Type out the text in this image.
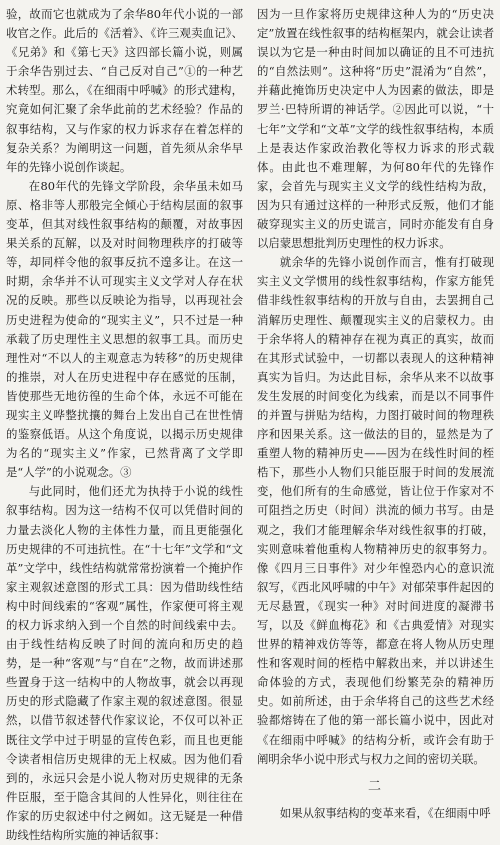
验，故而它也就成为了余华80年代小说的一部收官之作。此后的《活着》、《许三观卖血记》、《兄弟》和《第七天》这四部长篇小说，则属于余华告别过去、“自己反对自己”①的一种艺术转型。那么，《在细雨中呼喊》的形式建构，究竟如何汇聚了余华此前的艺术经验？作品的叙事结构，又与作家的权力诉求存在着怎样的复杂关系？为阐明这一问题，首先须从余华早年的先锋小说创作谈起。

在80年代的先锋文学阶段，余华虽未如马原、格非等人那般完全倾心于结构层面的叙事变革，但其对线性叙事结构的颠覆，对故事因果关系的瓦解，以及对时间物理秩序的打破等等，却同样令他的叙事反抗不遑多让。在这一时期，余华并不认可现实主义文学对人存在状况的反映。那些以反映论为指导，以再现社会历史进程为使命的“现实主义”，只不过是一种承载了历史理性主义思想的叙事工具。而历史理性对“不以人的主观意志为转移”的历史规律的推崇，对人在历史进程中存在感觉的压制，皆使那些无地彷徨的生命个体，永远不可能在现实主义哗整扰攘的舞台上发出自己在世性情的鉴察低语。从这个角度说，以揭示历史规律为名的“现实主义”作家，已然背离了文学即是“人学”的小说观念。③

与此同时，他们还尤为执持于小说的线性叙事结构。因为这一结构不仅可以凭借时间的力量去淡化人物的主体性力量，而且更能强化历史规律的不可违抗性。在“十七年”文学和“文革”文学中，线性结构就常常扮演着一个掩护作家主观叙述意图的形式工具：因为借助线性结构中时间线索的“客观”属性，作家便可将主观的权力诉求纳入到一个自然的时间线索中去。由于线性结构反映了时间的流向和历史的趋势，是一种“客观”与“自在”之物，故而讲述那些置身于这一结构中的人物故事，就会以再现历史的形式隐藏了作家主观的叙述意图。很显然，以借节叙述替代作家议论，不仅可以补正既往文学中过于明显的宣传色彩，而且也更能令读者相信历史规律的无上权威。因为他们看到的，永远只会是小说人物对历史规律的无条件臣服，至于隐含其间的人性异化，则往往在作家的历史叙述中付之阙如。这无疑是一种借助线性结构所实施的神话叙事：

因为一旦作家将历史规律这种人为的“历史决定”放置在线性叙事的结构框架内，就会让读者误以为它是一种由时间加以确证的且不可违抗的“自然法则”。这种将“历史”混淆为“自然”，并藉此掩饰历史决定中人为因素的做法，即是罗兰·巴特所谓的神话学。②因此可以说，“十七年”文学和“文革”文学的线性叙事结构，本质上是表达作家政治教化等权力诉求的形式载体。由此也不难理解，为何80年代的先锋作家，会首先与现实主义文学的线性结构为敌，因为只有通过这样的一种形式反叛，他们才能破穿现实主义的历史谎言，同时亦能发有自身以启蒙思想批判历史理性的权力诉求。

就余华的先锋小说创作而言，惟有打破现实主义文学惯用的线性叙事结构，作家方能凭借非线性叙事结构的开放与自由，去罢拥自己消解历史理性、颠覆现实主义的启蒙权力。由于余华将人的精神存在视为真正的真实，故而在其形式试验中，一切都以表现人的这种精神真实为旨归。为达此目标，余华从来不以故事发生发展的时间变化为线索，而是以不同事件的并置与拼贴为结构，力图打破时间的物理秩序和因果关系。这一做法的目的，显然是为了重塑人物的精神历史——因为在线性时间的桎梏下，那些小人物们只能臣服于时间的发展流变，他们所有的生命感觉，皆让位于作家对不可阻挡之历史（时间）洪流的倾力书写。由是观之，我们才能理解余华对线性叙事的打破，实则意味着他重构人物精神历史的叙事努力。像《四月三日事件》对少年惶恐内心的意识流叙写，《西北风呼啸的中午》对郁荣事件起因的无尽悬置，《现实一种》对时间进度的凝滞书写，以及《鲜血梅花》和《古典爱情》对现实世界的精神戏仿等等，都意在将人物从历史理性和客观时间的桎梏中解救出来，并以讲述生命体验的方式，表现他们纷繁芜杂的精神历史。如前所述，由于余华将自己的这些艺术经验都熔铸在了他的第一部长篇小说中，因此对《在细雨中呼喊》的结构分析，或许会有助于阐明余华小说中形式与权力之间的密切关联。

二

如果从叙事结构的变革来看，《在细雨中呼
